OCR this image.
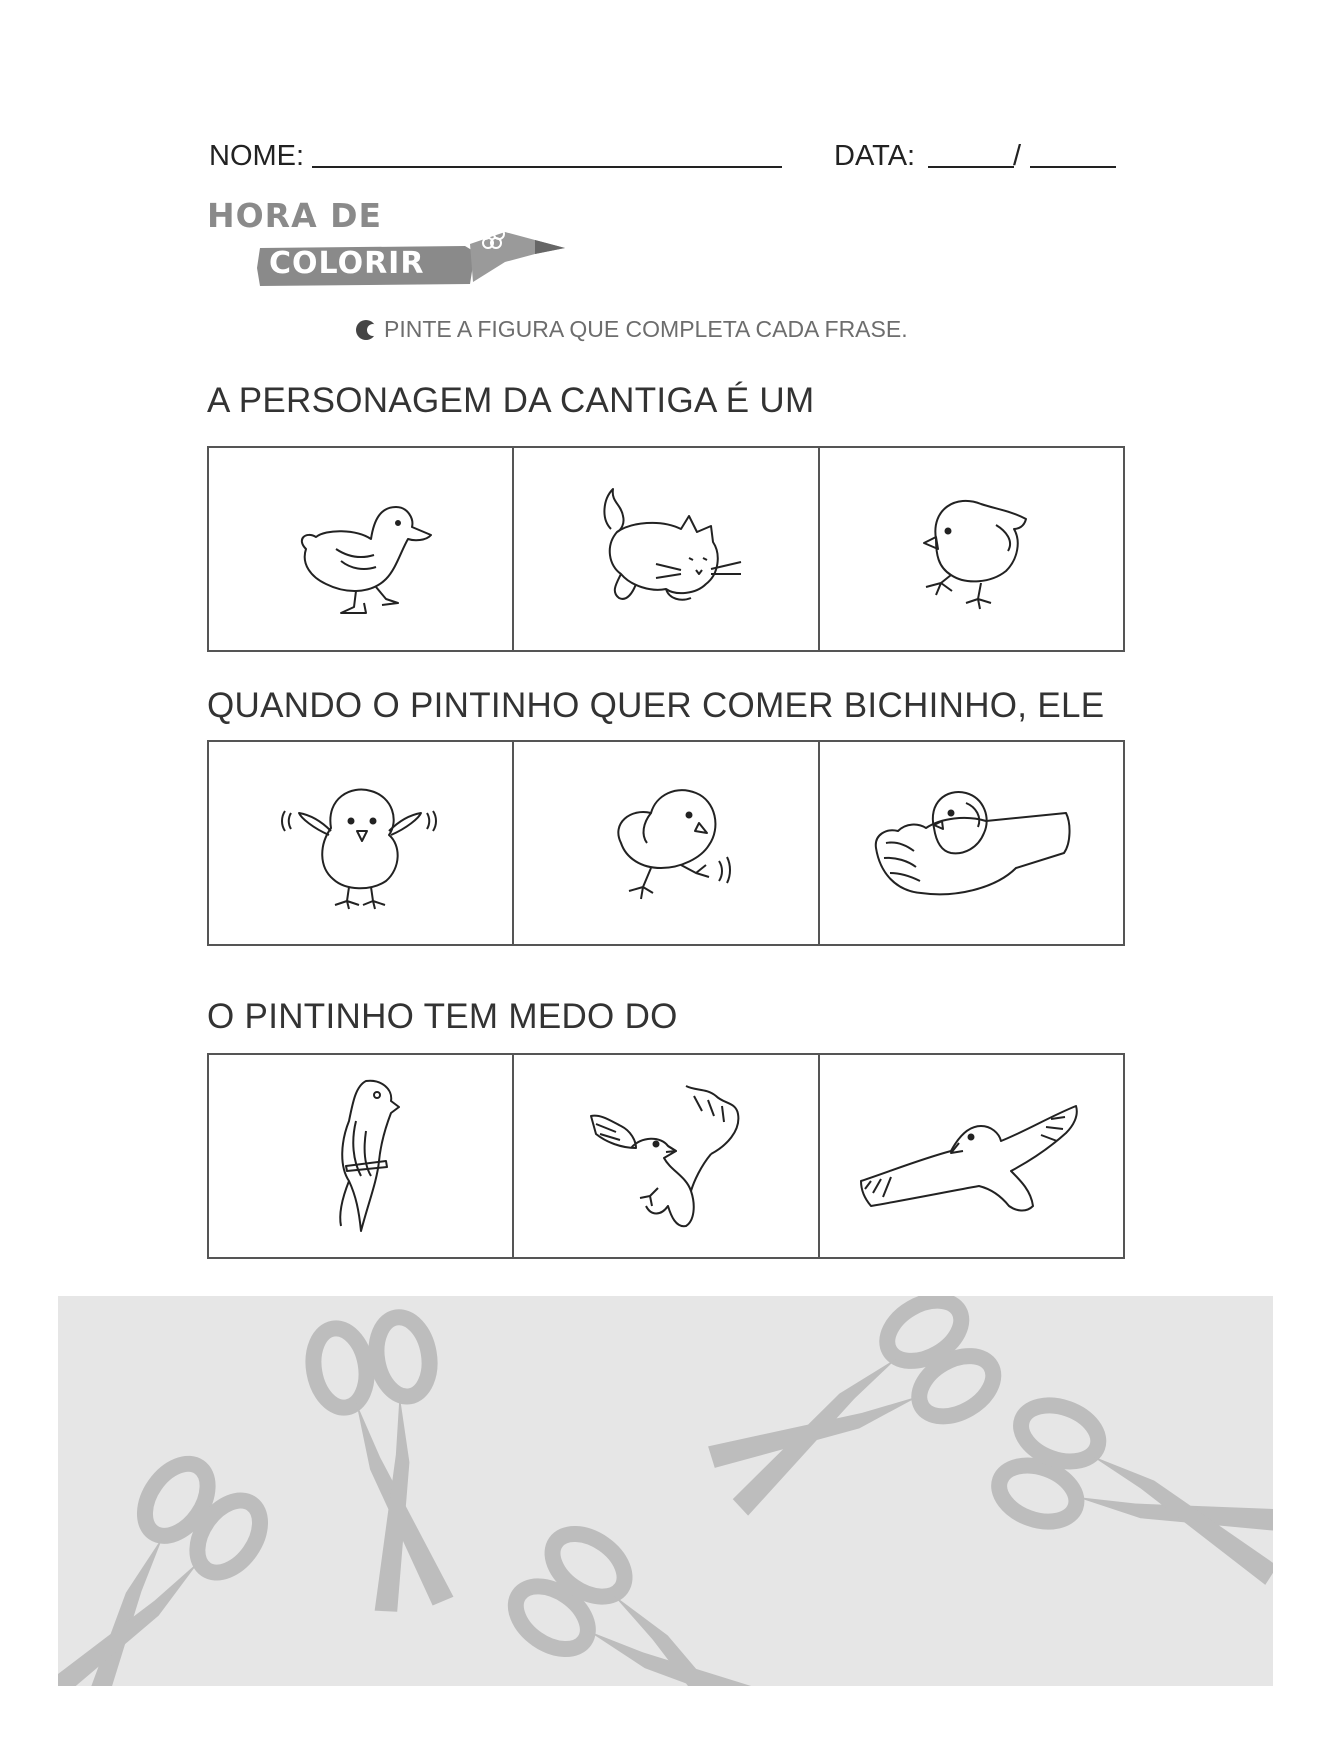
NOME:	DATA:	/
HORA DE
COLORIR
PINTE A FIGURA QUE COMPLETA CADA FRASE.
A PERSONAGEM DA CANTIGA É UM
QUANDO O PINTINHO QUER COMER BICHINHO, ELE
O PINTINHO TEM MEDO DO
